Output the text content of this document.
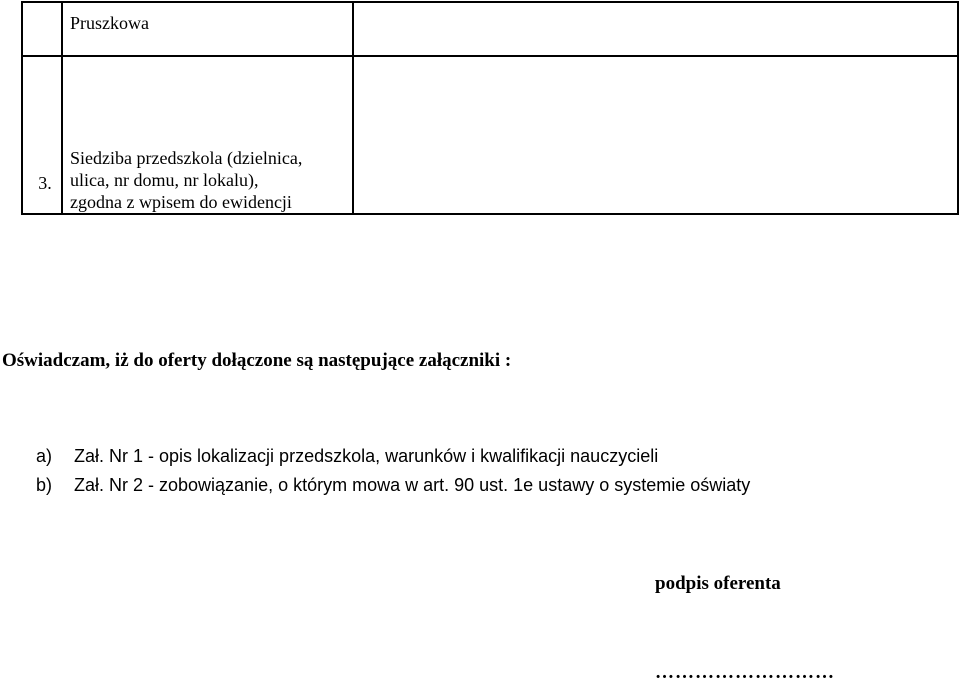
	Pruszkowa	

3.	Siedziba przedszkola (dzielnica,
ulica, nr domu, nr lokalu),
zgodna z wpisem do ewidencji	

Oświadczam, iż do oferty dołączone są następujące załączniki :
a)	Zał. Nr 1 - opis lokalizacji przedszkola, warunków i kwalifikacji nauczycieli
b)	Zał. Nr 2 - zobowiązanie, o którym mowa w art. 90 ust. 1e ustawy o systemie oświaty
podpis oferenta
………………………
